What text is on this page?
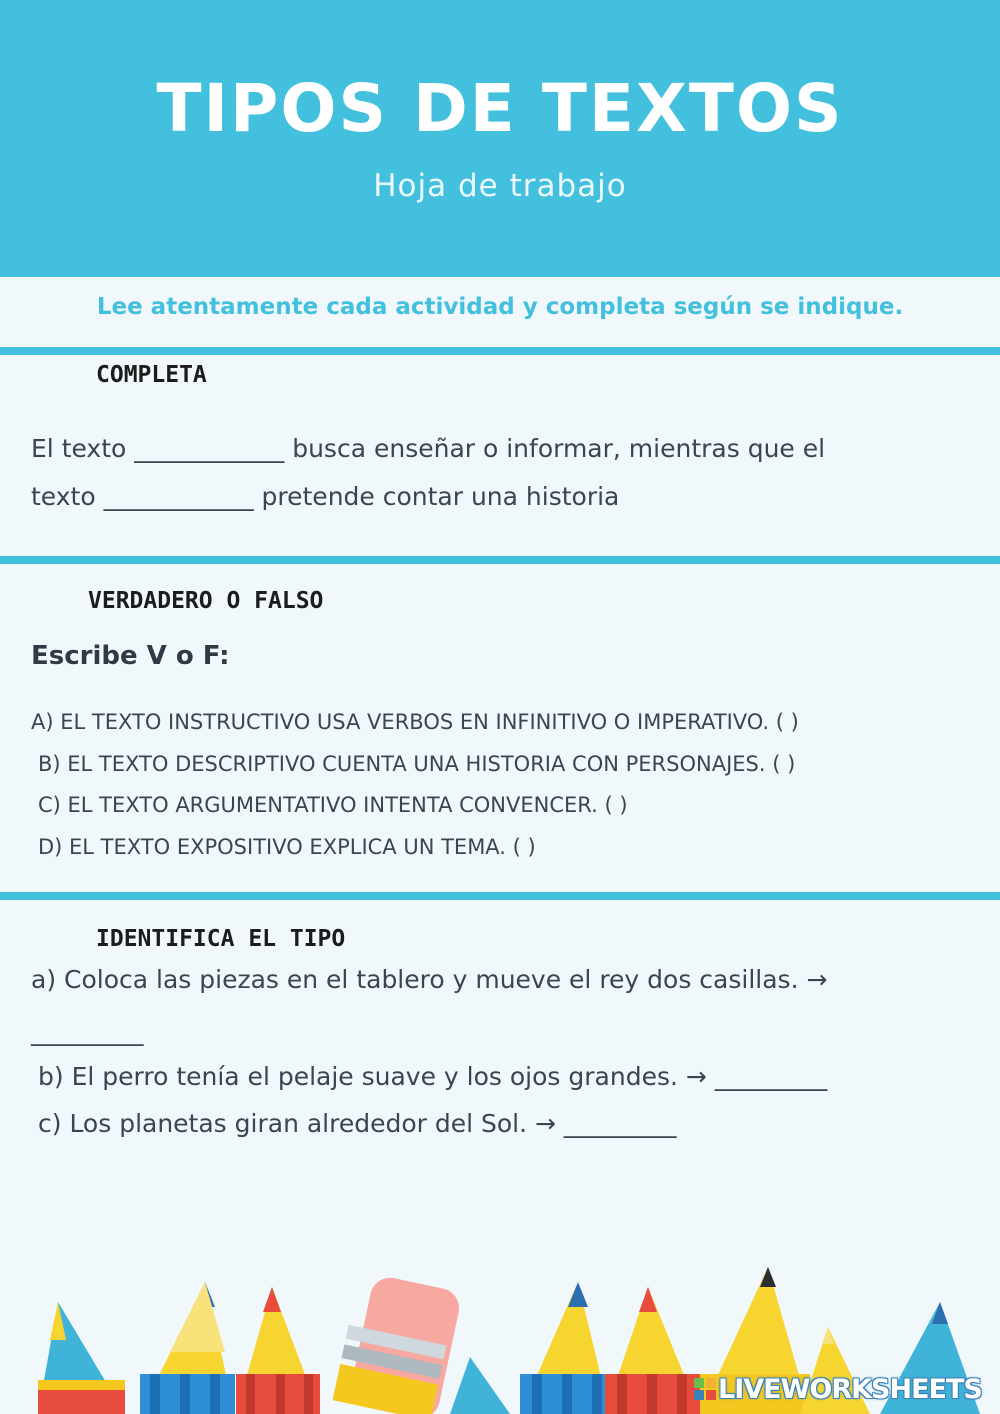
TIPOS DE TEXTOS
Hoja de trabajo
Lee atentamente cada actividad y completa según se indique.
COMPLETA
El texto ____________ busca enseñar o informar, mientras que el
texto ____________ pretende contar una historia
VERDADERO O FALSO
Escribe V o F:
A) EL TEXTO INSTRUCTIVO USA VERBOS EN INFINITIVO O IMPERATIVO. ( )
B) EL TEXTO DESCRIPTIVO CUENTA UNA HISTORIA CON PERSONAJES. ( )
C) EL TEXTO ARGUMENTATIVO INTENTA CONVENCER. ( )
D) EL TEXTO EXPOSITIVO EXPLICA UN TEMA. ( )
IDENTIFICA EL TIPO
a) Coloca las piezas en el tablero y mueve el rey dos casillas. →
_________
b) El perro tenía el pelaje suave y los ojos grandes. → _________
c) Los planetas giran alrededor del Sol. → _________
LIVEWORKSHEETS
